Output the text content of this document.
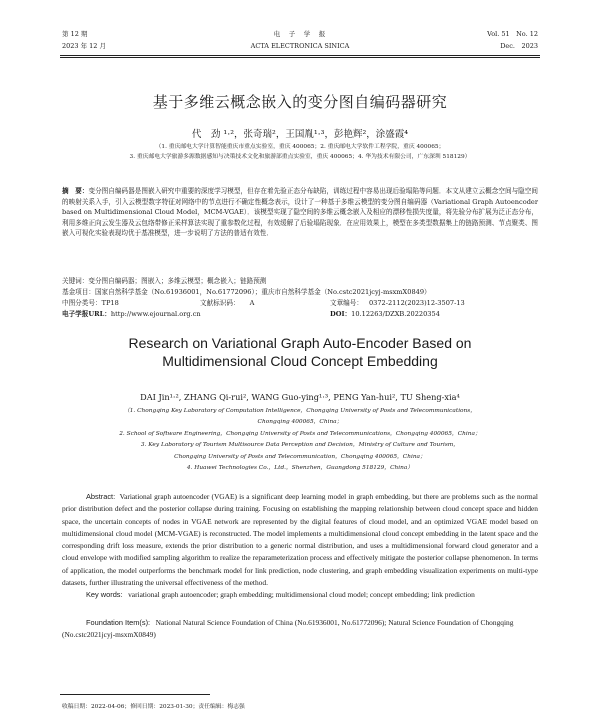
第 12 期
2023 年 12 月
电　子　学　报
ACTA ELECTRONICA SINICA
Vol. 51　No. 12
Dec.　2023
基于多维云概念嵌入的变分图自编码器研究
代　劲 ¹·²，张奇瑞²，王国胤¹·³，彭艳辉²，涂盛霞⁴
（1. 重庆邮电大学计算智能重庆市重点实验室，重庆 400065；2. 重庆邮电大学软件工程学院，重庆 400065；
3. 重庆邮电大学旅游多源数据感知与决策技术文化和旅游部重点实验室，重庆 400065；4. 华为技术有限公司，广东深圳 518129）
摘　要：变分图自编码器是图嵌入研究中重要的深度学习模型，但存在着先验正态分布缺陷，训练过程中容易出现后验塌陷等问题．本文从建立云概念空间与隐空间的映射关系入手，引入云模型数字特征对网络中的节点进行不确定性概念表示，设计了一种基于多维云模型的变分图自编码器（Variational Graph Autoencoder based on Multidimensional Cloud Model，MCM-VGAE）．该模型实现了隐空间的多维云概念嵌入及相应的漂移性损失度量，将先验分布扩展为泛正态分布，利用多维正向云发生器及云包络带修正采样算法实现了重参数化过程，有效缓解了后验塌陷现象．在应用效果上，模型在多类型数据集上的链路预测、节点聚类、图嵌入可视化实验表现均优于基准模型，进一步说明了方法的普适有效性．
关键词：变分图自编码器；图嵌入；多维云模型；概念嵌入；链路预测
基金项目：国家自然科学基金（No.61936001，No.61772096）；重庆市自然科学基金（No.cstc2021jcyj-msxmX0849）
中图分类号：TP18	文献标识码： A	文章编号： 0372-2112(2023)12-3507-13
电子学报URL：http://www.ejournal.org.cn	DOI：10.12263/DZXB.20220354
Research on Variational Graph Auto-Encoder Based on
Multidimensional Cloud Concept Embedding
DAI Jin¹·², ZHANG Qi-rui², WANG Guo-ying¹·³, PENG Yan-hui², TU Sheng-xia⁴
（1. Chongqing Key Laboratory of Computation Intelligence，Chongqing University of Posts and Telecommunications，
Chongqing 400065，China；
2. School of Software Engineering，Chongqing University of Posts and Telecommunications，Chongqing 400065，China；
3. Key Laboratory of Tourism Multisource Data Perception and Decision，Ministry of Culture and Tourism，
Chongqing University of Posts and Telecommunication，Chongqing 400065，China；
4. Huawei Technologies Co.，Ltd.，Shenzhen，Guangdong 518129，China）
Abstract: Variational graph autoencoder (VGAE) is a significant deep learning model in graph embedding, but there are problems such as the normal prior distribution defect and the posterior collapse during training. Focusing on establishing the mapping relationship between cloud concept space and hidden space, the uncertain concepts of nodes in VGAE network are represented by the digital features of cloud model, and an optimized VGAE model based on multidimensional cloud model (MCM-VGAE) is reconstructed. The model implements a multidimensional cloud concept embedding in the latent space and the corresponding drift loss measure, extends the prior distribution to a generic normal distribution, and uses a multidimensional forward cloud generator and a cloud envelope with modified sampling algorithm to realize the reparameterization process and effectively mitigate the posterior collapse phenomenon. In terms of application, the model outperforms the benchmark model for link prediction, node clustering, and graph embedding visualization experiments on multi-type datasets, further illustrating the universal effectiveness of the method.
Key words: variational graph autoencoder; graph embedding; multidimensional cloud model; concept embedding; link prediction
Foundation Item(s): National Natural Science Foundation of China (No.61936001, No.61772096); Natural Science Foundation of Chongqing (No.cstc2021jcyj-msxmX0849)
收稿日期：2022-04-06；修回日期：2023-01-30；责任编辑：梅志强
